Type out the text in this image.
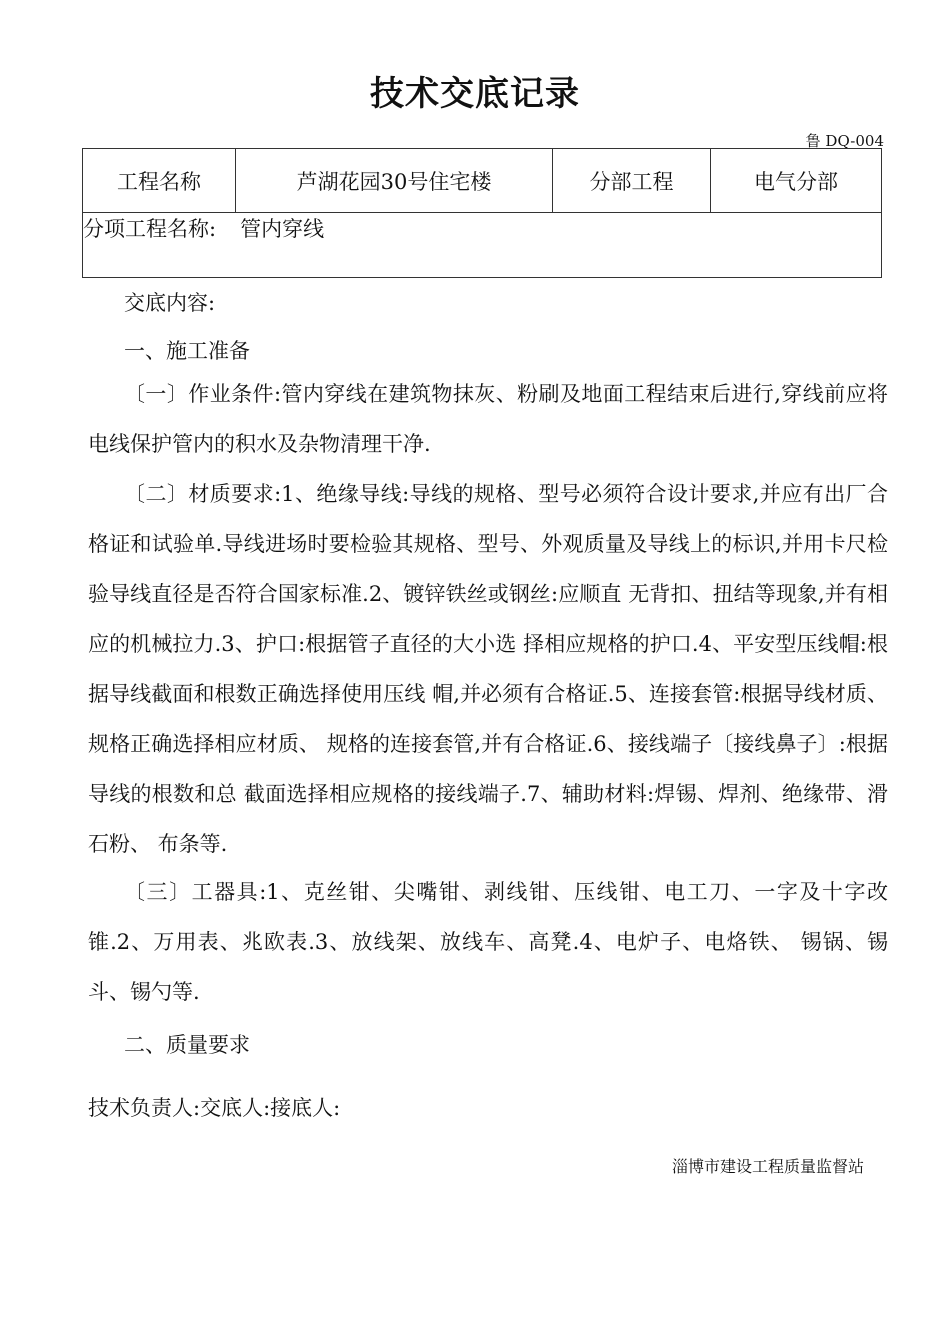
技术交底记录
鲁 DQ-004
工程名称	芦湖花园30号住宅楼	分部工程	电气分部
分项工程名称: 管内穿线
交底内容:
一、施工准备
〔一〕作业条件:管内穿线在建筑物抹灰、粉刷及地面工程结束后进行,穿线前应将电线保护管内的积水及杂物清理干净.
〔二〕材质要求:1、绝缘导线:导线的规格、型号必须符合设计要求,并应有出厂合格证和试验单.导线进场时要检验其规格、型号、外观质量及导线上的标识,并用卡尺检验导线直径是否符合国家标准.2、镀锌铁丝或钢丝:应顺直 无背扣、扭结等现象,并有相应的机械拉力.3、护口:根据管子直径的大小选 择相应规格的护口.4、平安型压线帽:根据导线截面和根数正确选择使用压线 帽,并必须有合格证.5、连接套管:根据导线材质、规格正确选择相应材质、 规格的连接套管,并有合格证.6、接线端子〔接线鼻子〕:根据导线的根数和总 截面选择相应规格的接线端子.7、辅助材料:焊锡、焊剂、绝缘带、滑石粉、 布条等.
〔三〕工器具:1、克丝钳、尖嘴钳、剥线钳、压线钳、电工刀、一字及十字改锥.2、万用表、兆欧表.3、放线架、放线车、高凳.4、电炉子、电烙铁、 锡锅、锡斗、锡勺等.
二、质量要求
技术负责人:交底人:接底人:
淄博市建设工程质量监督站
